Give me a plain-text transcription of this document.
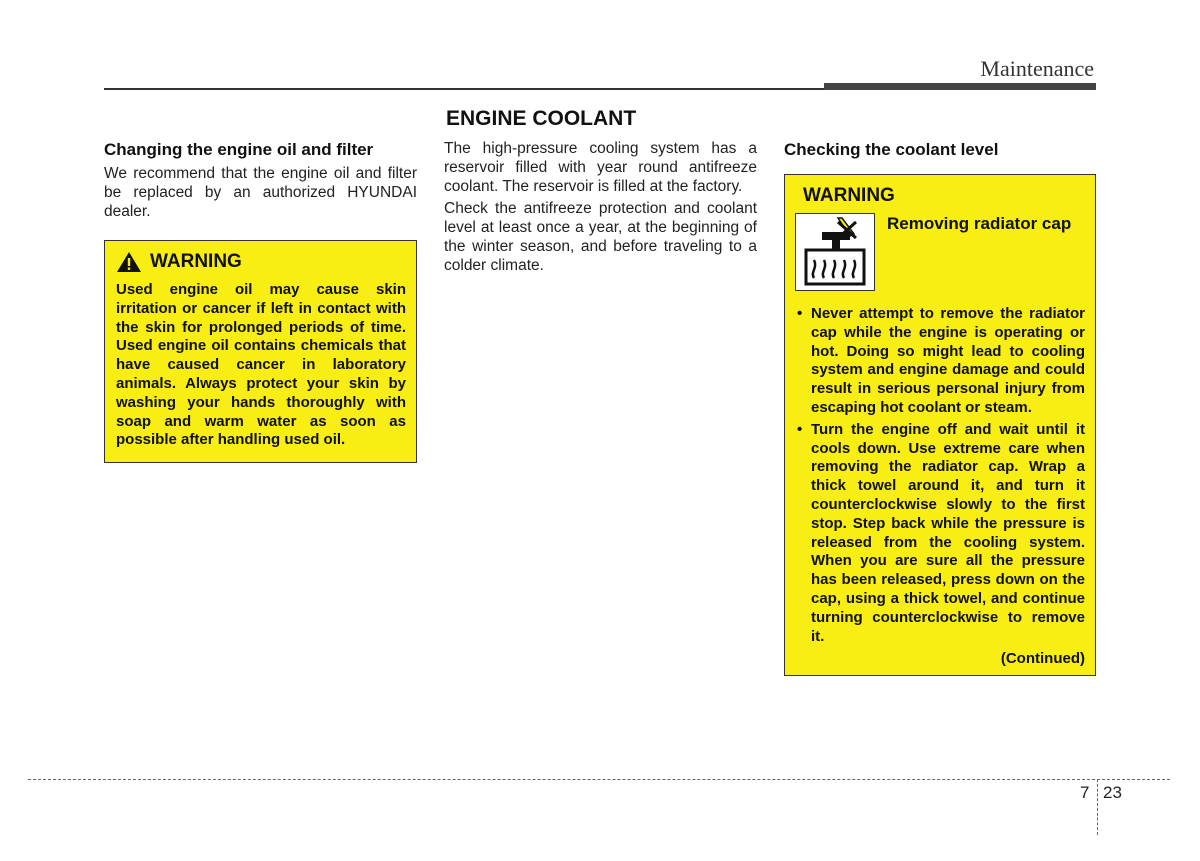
Maintenance
ENGINE COOLANT
Changing the engine oil and filter

We recommend that the engine oil and filter be replaced by an authorized HYUNDAI dealer.

WARNING

Used engine oil may cause skin irritation or cancer if left in contact with the skin for prolonged periods of time. Used engine oil contains chemicals that have caused cancer in laboratory animals. Always protect your skin by washing your hands thoroughly with soap and warm water as soon as possible after handling used oil.

The high-pressure cooling system has a reservoir filled with year round antifreeze coolant. The reservoir is filled at the factory.

Check the antifreeze protection and coolant level at least once a year, at the beginning of the winter season, and before traveling to a colder climate.

Checking the coolant level
WARNING
Removing radiator cap
• Never attempt to remove the radiator cap while the engine is operating or hot. Doing so might lead to cooling system and engine damage and could result in serious personal injury from escaping hot coolant or steam.
• Turn the engine off and wait until it cools down. Use extreme care when removing the radiator cap. Wrap a thick towel around it, and turn it counterclockwise slowly to the first stop. Step back while the pressure is released from the cooling system. When you are sure all the pressure has been released, press down on the cap, using a thick towel, and continue turning counterclockwise to remove it.
(Continued)
7 23
